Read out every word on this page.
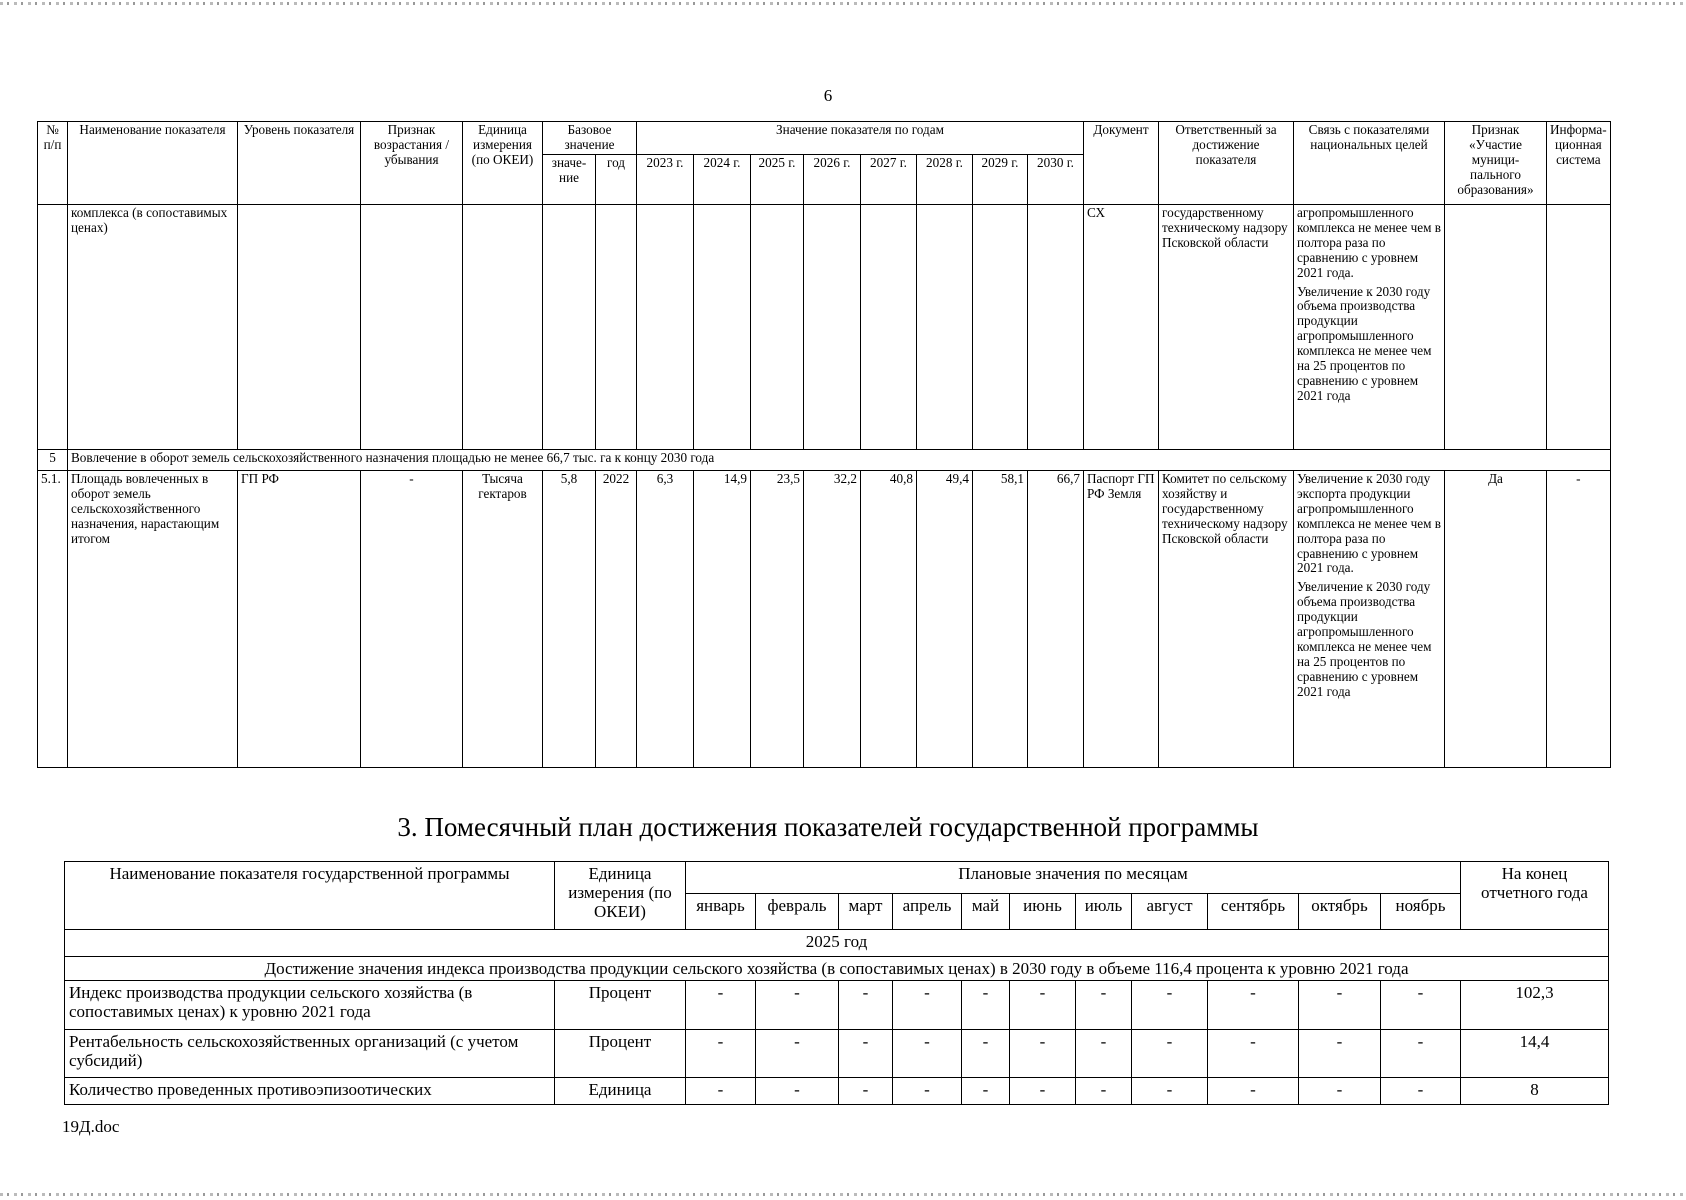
6
№ п/п	Наименование показателя	Уровень показателя	Признак возрастания / убывания	Единица измерения (по ОКЕИ)	Базовое значение		Значение показателя по годам								Документ	Ответственный за достижение показателя	Связь с показателями национальных целей	Признак «Участие муници-пального образования»	Информа-ционная система
					значе-ние	год	2023 г.	2024 г.	2025 г.	2026 г.	2027 г.	2028 г.	2029 г.	2030 г.					
	комплекса (в сопоставимых ценах)														СХ	государственному техническому надзору Псковской области	агропромышленного комплекса не менее чем в полтора раза по сравнению с уровнем 2021 года.
Увеличение к 2030 году объема производства продукции агропромышленного комплекса не менее чем на 25 процентов по сравнению с уровнем 2021 года		

5	Вовлечение в оборот земель сельскохозяйственного назначения площадью не менее 66,7 тыс. га к концу 2030 года																		
5.1.	Площадь вовлеченных в оборот земель сельскохозяйственного назначения, нарастающим итогом	ГП РФ	-	Тысяча гектаров	5,8	2022	6,3	14,9	23,5	32,2	40,8	49,4	58,1	66,7	Паспорт ГП РФ Земля	Комитет по сельскому хозяйству и государственному техническому надзору Псковской области	Увеличение к 2030 году экспорта продукции агропромышленного комплекса не менее чем в полтора раза по сравнению с уровнем 2021 года.
Увеличение к 2030 году объема производства продукции агропромышленного комплекса не менее чем на 25 процентов по сравнению с уровнем 2021 года	Да	-
3. Помесячный план достижения показателей государственной программы
Наименование показателя государственной программы	Единица измерения (по ОКЕИ)	Плановые значения по месяцам											На конец отчетного года
		январь	февраль	март	апрель	май	июнь	июль	август	сентябрь	октябрь	ноябрь	
2025 год													
Достижение значения индекса производства продукции сельского хозяйства (в сопоставимых ценах) в 2030 году в объеме 116,4 процента к уровню 2021 года													
Индекс производства продукции сельского хозяйства (в сопоставимых ценах) к уровню 2021 года	Процент	-	-	-	-	-	-	-	-	-	-	-	102,3
Рентабельность сельскохозяйственных организаций (с учетом субсидий)	Процент	-	-	-	-	-	-	-	-	-	-	-	14,4
Количество проведенных противоэпизоотических	Единица	-	-	-	-	-	-	-	-	-	-	-	8
19Д.doc
